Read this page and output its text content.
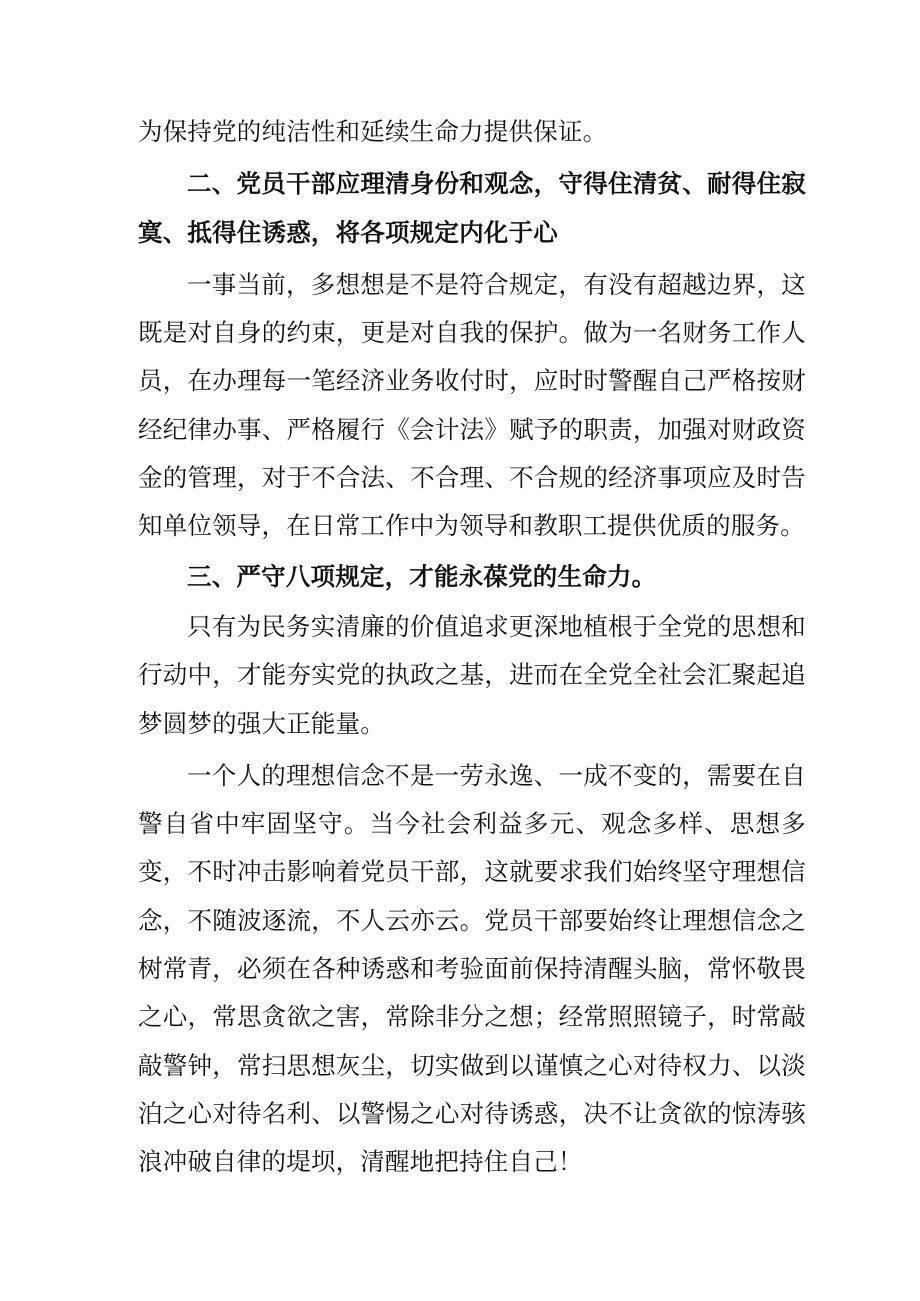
为保持党的纯洁性和延续生命力提供保证。

二、党员干部应理清身份和观念，守得住清贫、耐得住寂寞、抵得住诱惑，将各项规定内化于心

一事当前，多想想是不是符合规定，有没有超越边界，这既是对自身的约束，更是对自我的保护。做为一名财务工作人员，在办理每一笔经济业务收付时，应时时警醒自己严格按财经纪律办事、严格履行《会计法》赋予的职责，加强对财政资金的管理，对于不合法、不合理、不合规的经济事项应及时告知单位领导，在日常工作中为领导和教职工提供优质的服务。

三、严守八项规定，才能永葆党的生命力。

只有为民务实清廉的价值追求更深地植根于全党的思想和行动中，才能夯实党的执政之基，进而在全党全社会汇聚起追梦圆梦的强大正能量。

一个人的理想信念不是一劳永逸、一成不变的，需要在自警自省中牢固坚守。当今社会利益多元、观念多样、思想多变，不时冲击影响着党员干部，这就要求我们始终坚守理想信念，不随波逐流，不人云亦云。党员干部要始终让理想信念之树常青，必须在各种诱惑和考验面前保持清醒头脑，常怀敬畏之心，常思贪欲之害，常除非分之想；经常照照镜子，时常敲敲警钟，常扫思想灰尘，切实做到以谨慎之心对待权力、以淡泊之心对待名利、以警惕之心对待诱惑，决不让贪欲的惊涛骇浪冲破自律的堤坝，清醒地把持住自己！
